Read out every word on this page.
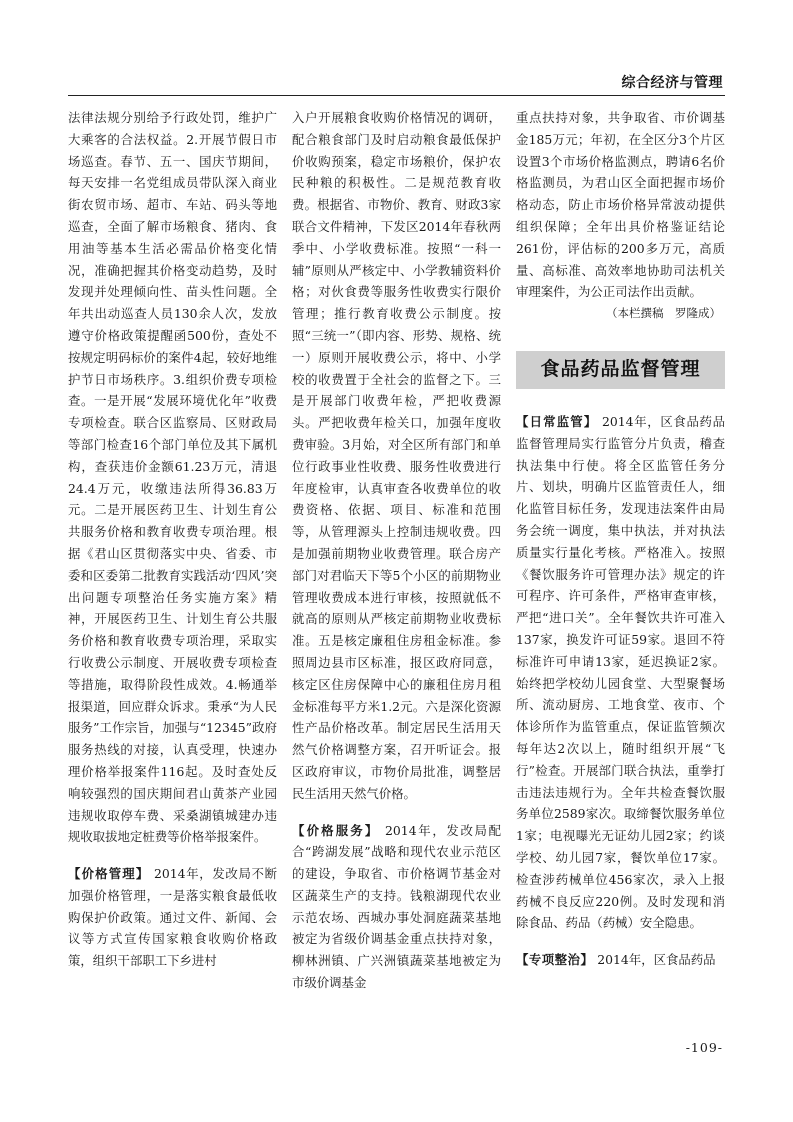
综合经济与管理

法律法规分别给予行政处罚，维护广大乘客的合法权益。2.开展节假日市场巡查。春节、五一、国庆节期间，每天安排一名党组成员带队深入商业街农贸市场、超市、车站、码头等地巡查，全面了解市场粮食、猪肉、食用油等基本生活必需品价格变化情况，准确把握其价格变动趋势，及时发现并处理倾向性、苗头性问题。全年共出动巡查人员130余人次，发放遵守价格政策提醒函500份，查处不按规定明码标价的案件4起，较好地维护节日市场秩序。3.组织价费专项检查。一是开展“发展环境优化年”收费专项检查。联合区监察局、区财政局等部门检查16个部门单位及其下属机构，查获违价金额61.23万元，清退24.4万元，收缴违法所得36.83万元。二是开展医药卫生、计划生育公共服务价格和教育收费专项治理。根据《君山区贯彻落实中央、省委、市委和区委第二批教育实践活动‘四风’突出问题专项整治任务实施方案》精神，开展医药卫生、计划生育公共服务价格和教育收费专项治理，采取实行收费公示制度、开展收费专项检查等措施，取得阶段性成效。4.畅通举报渠道，回应群众诉求。秉承“为人民服务”工作宗旨，加强与“12345”政府服务热线的对接，认真受理，快速办理价格举报案件116起。及时查处反响较强烈的国庆期间君山黄茶产业园违规收取停车费、采桑湖镇城建办违规收取拔地定桩费等价格举报案件。

【价格管理】 2014年，发改局不断加强价格管理，一是落实粮食最低收购保护价政策。通过文件、新闻、会议等方式宣传国家粮食收购价格政策，组织干部职工下乡进村

入户开展粮食收购价格情况的调研，配合粮食部门及时启动粮食最低保护价收购预案，稳定市场粮价，保护农民种粮的积极性。二是规范教育收费。根据省、市物价、教育、财政3家联合文件精神，下发区2014年春秋两季中、小学收费标准。按照“一科一辅”原则从严核定中、小学教辅资料价格；对伙食费等服务性收费实行限价管理；推行教育收费公示制度。按照“三统一”（即内容、形势、规格、统一）原则开展收费公示，将中、小学校的收费置于全社会的监督之下。三是开展部门收费年检，严把收费源头。严把收费年检关口，加强年度收费审验。3月始，对全区所有部门和单位行政事业性收费、服务性收费进行年度检审，认真审查各收费单位的收费资格、依据、项目、标准和范围等，从管理源头上控制违规收费。四是加强前期物业收费管理。联合房产部门对君临天下等5个小区的前期物业管理收费成本进行审核，按照就低不就高的原则从严核定前期物业收费标准。五是核定廉租住房租金标准。参照周边县市区标准，报区政府同意，核定区住房保障中心的廉租住房月租金标准每平方米1.2元。六是深化资源性产品价格改革。制定居民生活用天然气价格调整方案，召开听证会。报区政府审议，市物价局批准，调整居民生活用天然气价格。

【价格服务】 2014年，发改局配合“跨湖发展”战略和现代农业示范区的建设，争取省、市价格调节基金对区蔬菜生产的支持。钱粮湖现代农业示范农场、西城办事处洞庭蔬菜基地被定为省级价调基金重点扶持对象，柳林洲镇、广兴洲镇蔬菜基地被定为市级价调基金

重点扶持对象，共争取省、市价调基金185万元；年初，在全区分3个片区设置3个市场价格监测点，聘请6名价格监测员，为君山区全面把握市场价格动态，防止市场价格异常波动提供组织保障；全年出具价格鉴证结论261份，评估标的200多万元，高质量、高标准、高效率地协助司法机关审理案件，为公正司法作出贡献。

（本栏撰稿　罗隆成）

食品药品监督管理

【日常监管】 2014年，区食品药品监督管理局实行监管分片负责，稽查执法集中行使。将全区监管任务分片、划块，明确片区监管责任人，细化监管目标任务，发现违法案件由局务会统一调度，集中执法，并对执法质量实行量化考核。严格准入。按照《餐饮服务许可管理办法》规定的许可程序、许可条件，严格审查审核，严把“进口关”。全年餐饮共许可准入137家，换发许可证59家。退回不符标准许可申请13家，延迟换证2家。始终把学校幼儿园食堂、大型聚餐场所、流动厨房、工地食堂、夜市、个体诊所作为监管重点，保证监管频次每年达2次以上，随时组织开展“飞行”检查。开展部门联合执法，重拳打击违法违规行为。全年共检查餐饮服务单位2589家次。取缔餐饮服务单位1家；电视曝光无证幼儿园2家；约谈学校、幼儿园7家，餐饮单位17家。检查涉药械单位456家次，录入上报药械不良反应220例。及时发现和消除食品、药品（药械）安全隐患。

【专项整治】 2014年，区食品药品

-109-
